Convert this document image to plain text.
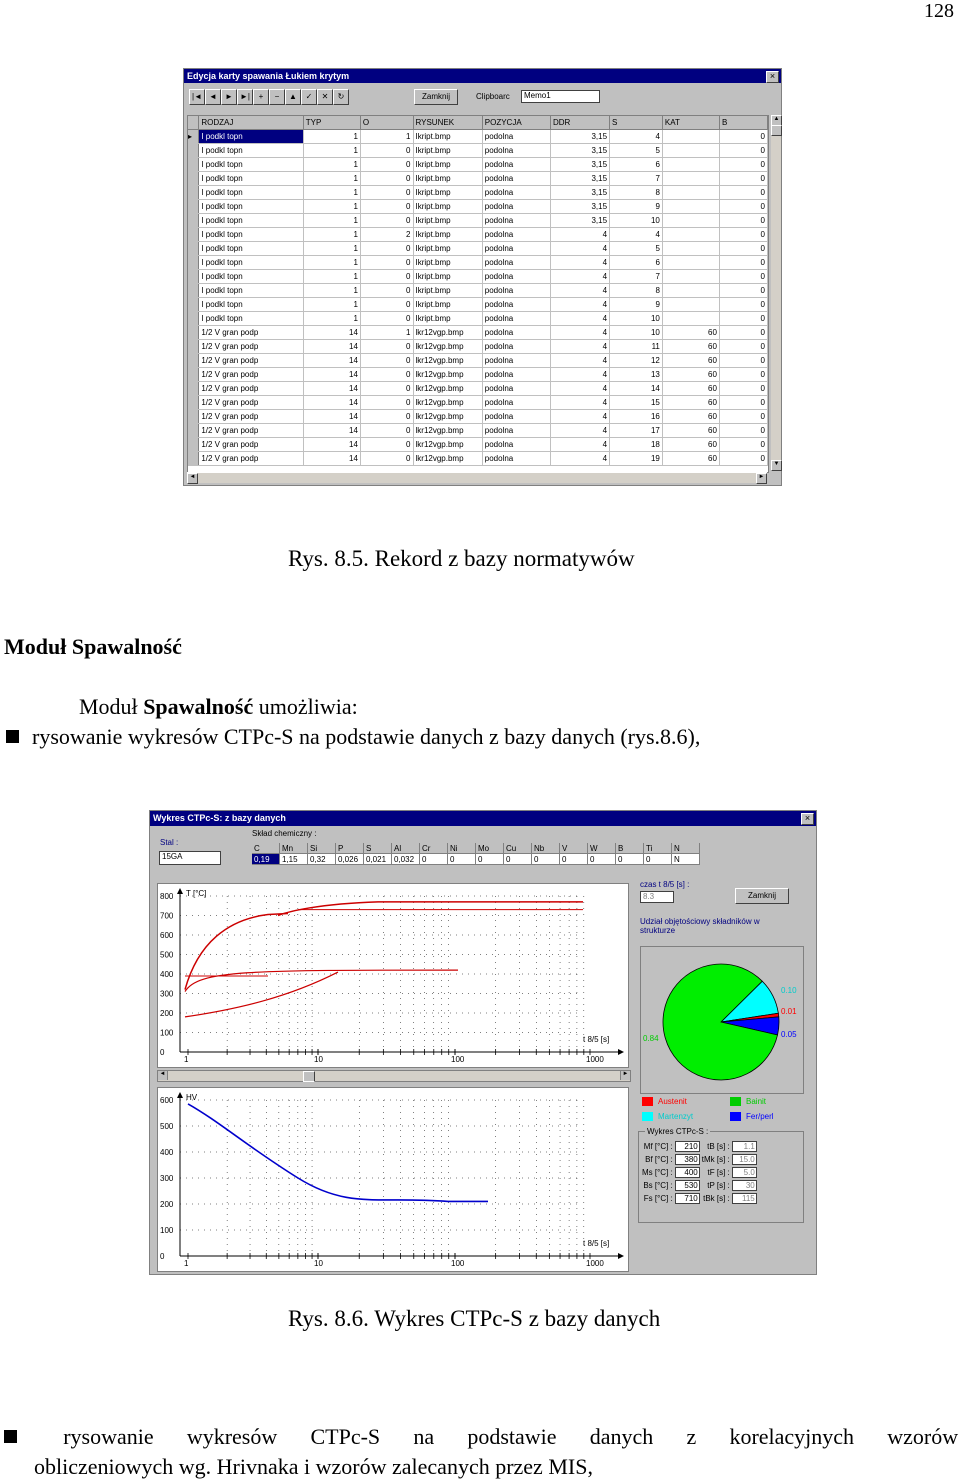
128
Edycja karty spawania Łukiem krytym	×
|◄ ◄	► ►|	+	−	▲	✓	✕	↻	Zamknij	Clipboarc	Memo1
	RODZAJ	TYP	O	RYSUNEK	POZYCJA	DDR	S	KAT	B
▸	I podkl topn	1	1	Ikript.bmp	podolna	3,15	4		0
	I podkl topn	1	0	Ikript.bmp	podolna	3,15	5		0
	I podkl topn	1	0	Ikript.bmp	podolna	3,15	6		0
	I podkl topn	1	0	Ikript.bmp	podolna	3,15	7		0
	I podkl topn	1	0	Ikript.bmp	podolna	3,15	8		0
	I podkl topn	1	0	Ikript.bmp	podolna	3,15	9		0
	I podkl topn	1	0	Ikript.bmp	podolna	3,15	10		0
	I podkl topn	1	2	Ikript.bmp	podolna	4	4		0
	I podkl topn	1	0	Ikript.bmp	podolna	4	5		0
	I podkl topn	1	0	Ikript.bmp	podolna	4	6		0
	I podkl topn	1	0	Ikript.bmp	podolna	4	7		0
	I podkl topn	1	0	Ikript.bmp	podolna	4	8		0
	I podkl topn	1	0	Ikript.bmp	podolna	4	9		0
	I podkl topn	1	0	Ikript.bmp	podolna	4	10		0
	1/2 V gran podp	14	1	lkr12vgp.bmp	podolna	4	10	60	0
	1/2 V gran podp	14	0	lkr12vgp.bmp	podolna	4	11	60	0
	1/2 V gran podp	14	0	lkr12vgp.bmp	podolna	4	12	60	0
	1/2 V gran podp	14	0	lkr12vgp.bmp	podolna	4	13	60	0
	1/2 V gran podp	14	0	lkr12vgp.bmp	podolna	4	14	60	0
	1/2 V gran podp	14	0	lkr12vgp.bmp	podolna	4	15	60	0
	1/2 V gran podp	14	0	lkr12vgp.bmp	podolna	4	16	60	0
	1/2 V gran podp	14	0	lkr12vgp.bmp	podolna	4	17	60	0
	1/2 V gran podp	14	0	lkr12vgp.bmp	podolna	4	18	60	0
	1/2 V gran podp	14	0	lkr12vgp.bmp	podolna	4	19	60	0
▲
▼
◄	►
Rys. 8.5. Rekord z bazy normatywów
Moduł Spawalność
Moduł Spawalność umożliwia:
rysowanie wykresów CTPc-S na podstawie danych z bazy danych (rys.8.6),
Wykres CTPc-S: z bazy danych	×
Stal :
15GA
Skład chemiczny :
C	Mn	Si	P	S	Al	Cr	Ni	Mo	Cu	Nb	V	W	B	Ti	N
0,19	1,15	0,32	0,026	0,021	0,032	0	0	0	0	0	0	0	0	0	N
800
700
600
500
400
300
200
100
0
1	10	100	1000
T [°C]
t 8/5 [s]
◄	►
600
500
400
300
200
100
0
1	10	100	1000
HV
t 8/5 [s]
czas t 8/5 [s] :
8.3	Zamknij
Udział objętościowy składników w strukturze
0.84
0.10
0.01
0.05
Austenit	Bainit
Martenzyt	Fer/perl
Wykres CTPc-S :
Mf [°C] :	210	tB [s] :	1.1
Bf [°C] :	380	tMk [s] :	15.0
Ms [°C] :	400	tF [s] :	5.0
Bs [°C] :	530	tP [s] :	30
Fs [°C] :	710	tBk [s] :	115
Rys. 8.6. Wykres CTPc-S z bazy danych
rysowanie wykresów CTPc-S na podstawie danych z korelacyjnych wzorów
obliczeniowych wg. Hrivnaka i wzorów zalecanych przez MIS,
